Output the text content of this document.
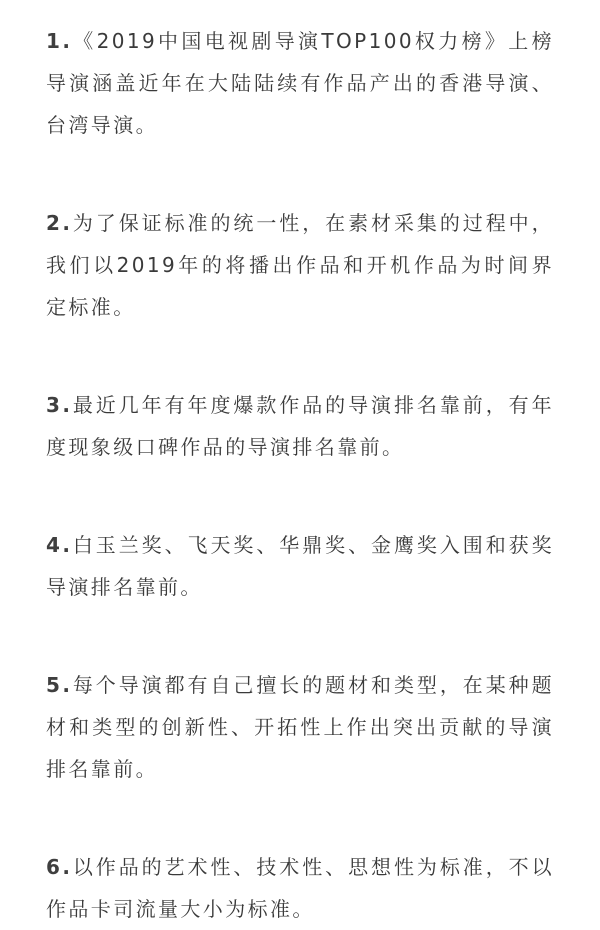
1.《2019中国电视剧导演TOP100权力榜》上榜导演涵盖近年在大陆陆续有作品产出的香港导演、台湾导演。

2.为了保证标准的统一性，在素材采集的过程中，我们以2019年的将播出作品和开机作品为时间界定标准。

3.最近几年有年度爆款作品的导演排名靠前，有年度现象级口碑作品的导演排名靠前。

4.白玉兰奖、飞天奖、华鼎奖、金鹰奖入围和获奖导演排名靠前。

5.每个导演都有自己擅长的题材和类型，在某种题材和类型的创新性、开拓性上作出突出贡献的导演排名靠前。

6.以作品的艺术性、技术性、思想性为标准，不以作品卡司流量大小为标准。
